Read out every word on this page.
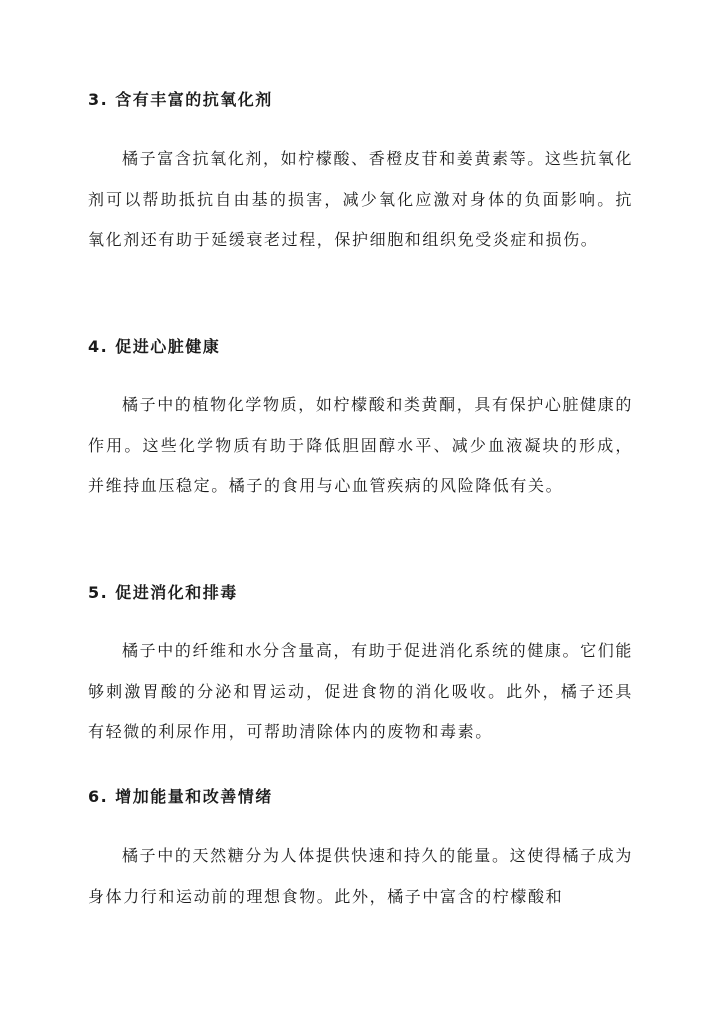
3. 含有丰富的抗氧化剂

橘子富含抗氧化剂，如柠檬酸、香橙皮苷和姜黄素等。这些抗氧化剂可以帮助抵抗自由基的损害，减少氧化应激对身体的负面影响。抗氧化剂还有助于延缓衰老过程，保护细胞和组织免受炎症和损伤。

4. 促进心脏健康

橘子中的植物化学物质，如柠檬酸和类黄酮，具有保护心脏健康的作用。这些化学物质有助于降低胆固醇水平、减少血液凝块的形成，并维持血压稳定。橘子的食用与心血管疾病的风险降低有关。

5. 促进消化和排毒

橘子中的纤维和水分含量高，有助于促进消化系统的健康。它们能够刺激胃酸的分泌和胃运动，促进食物的消化吸收。此外，橘子还具有轻微的利尿作用，可帮助清除体内的废物和毒素。

6. 增加能量和改善情绪

橘子中的天然糖分为人体提供快速和持久的能量。这使得橘子成为身体力行和运动前的理想食物。此外，橘子中富含的柠檬酸和
